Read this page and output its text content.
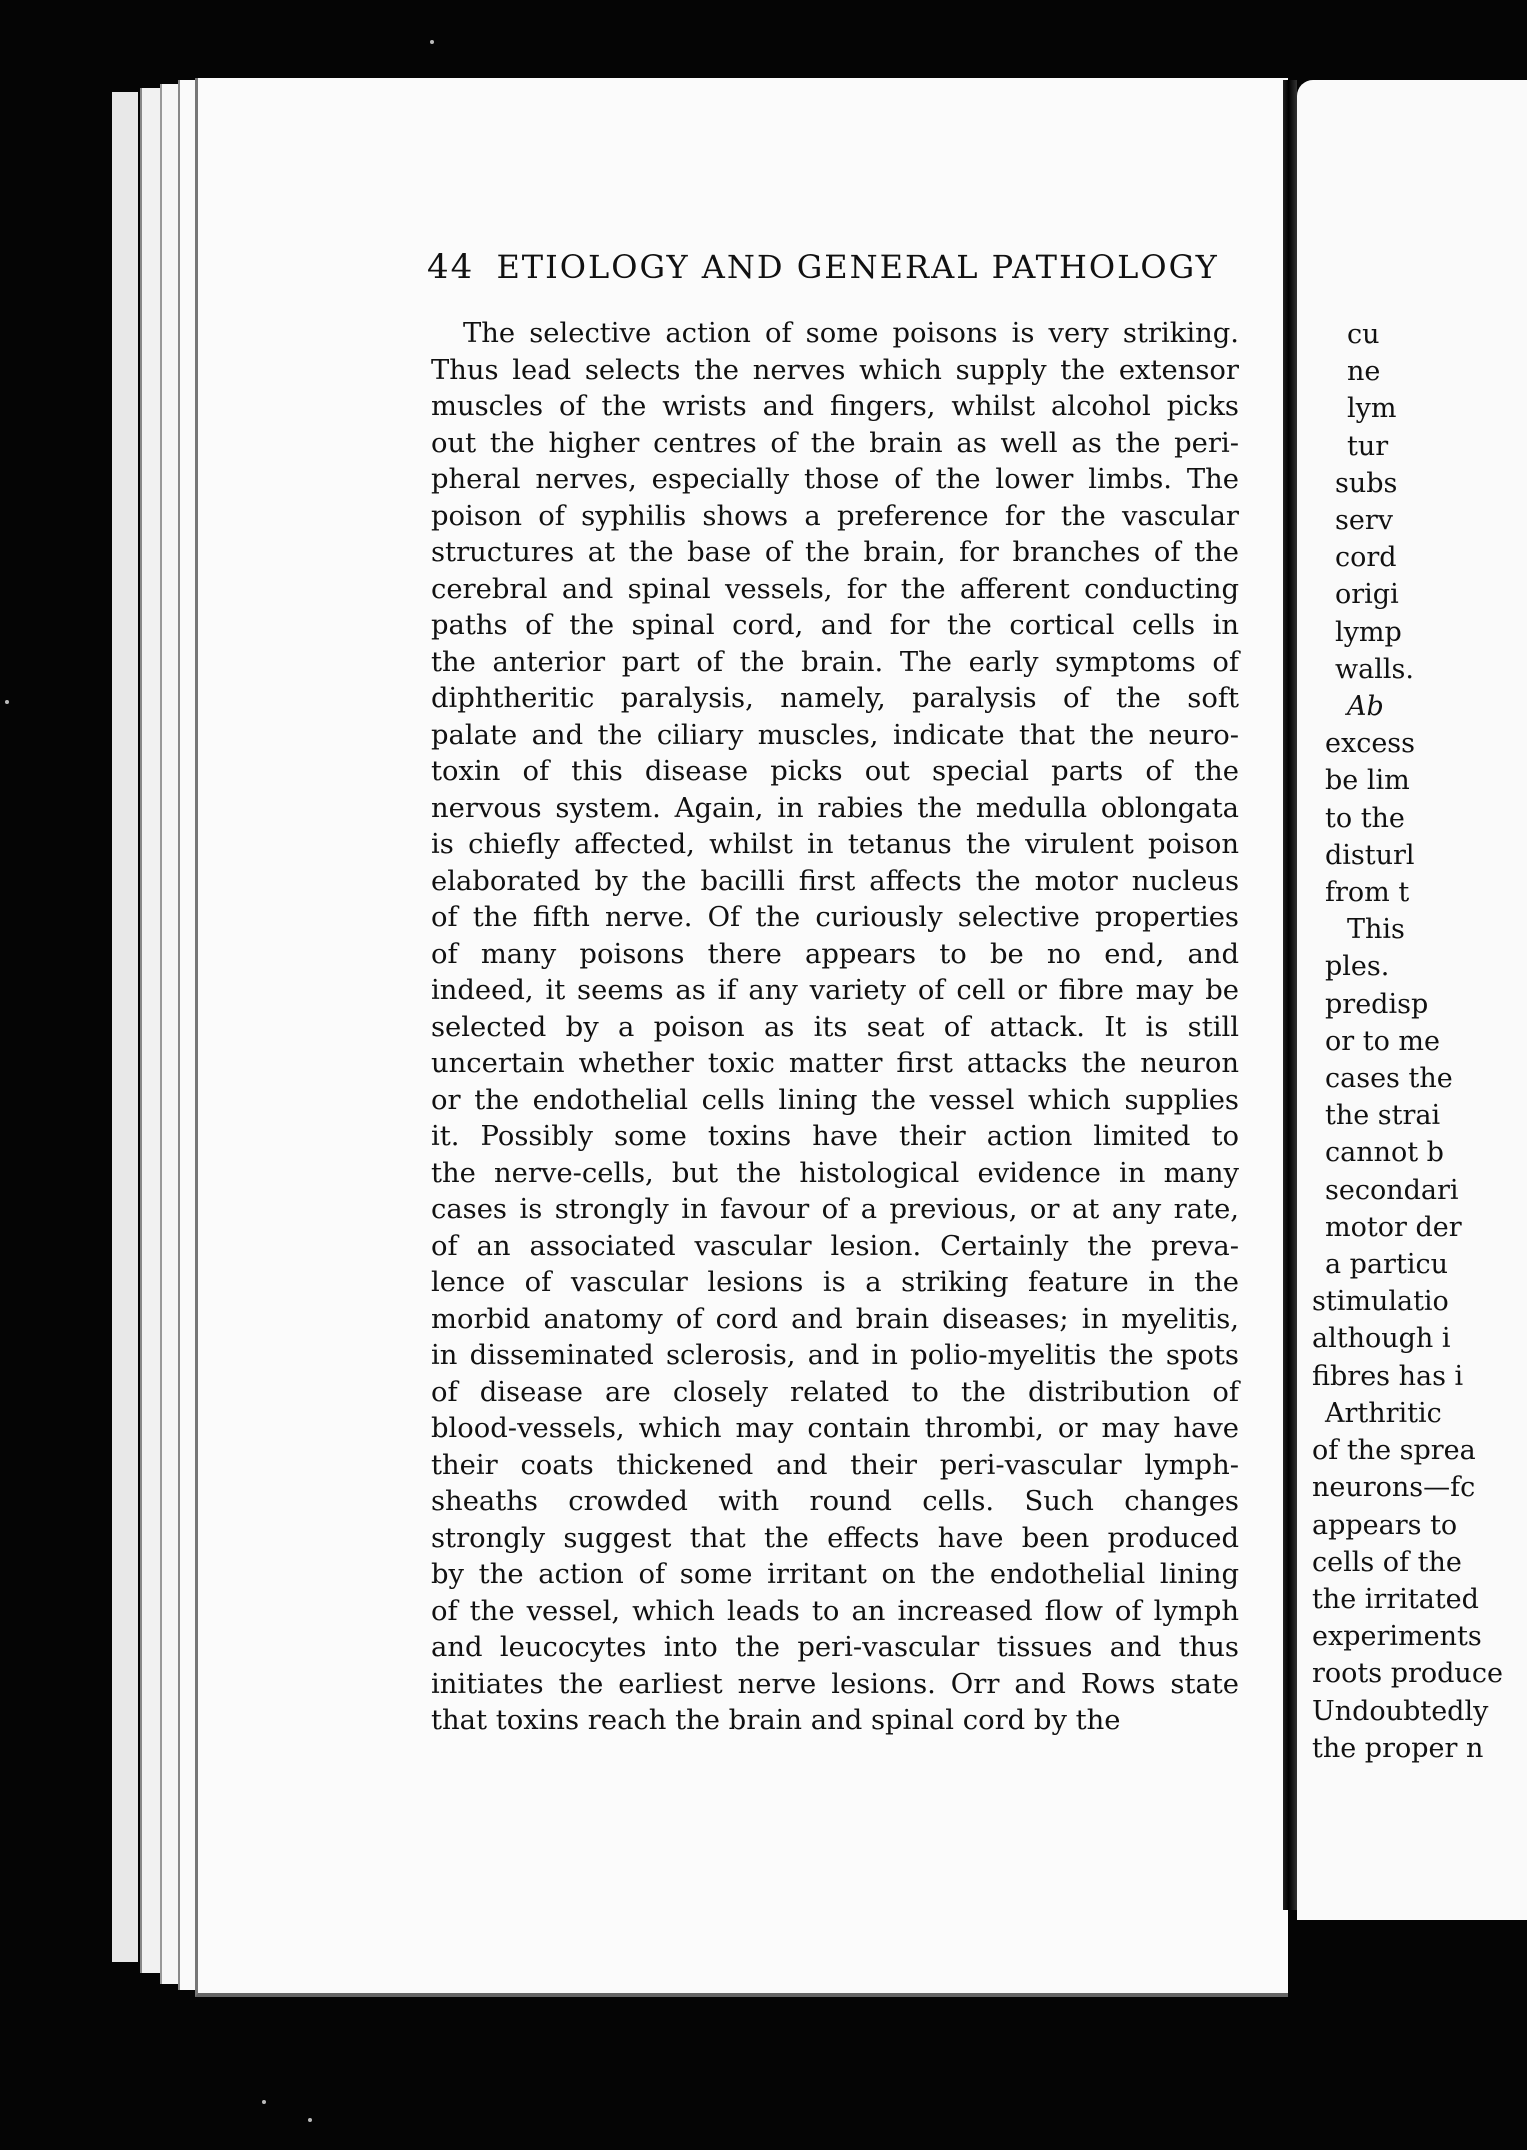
44 ETIOLOGY AND GENERAL PATHOLOGY
The selective action of some poisons is very striking.
Thus lead selects the nerves which supply the extensor
muscles of the wrists and fingers, whilst alcohol picks
out the higher centres of the brain as well as the peri-
pheral nerves, especially those of the lower limbs. The
poison of syphilis shows a preference for the vascular
structures at the base of the brain, for branches of the
cerebral and spinal vessels, for the afferent conducting
paths of the spinal cord, and for the cortical cells in
the anterior part of the brain. The early symptoms of
diphtheritic paralysis, namely, paralysis of the soft
palate and the ciliary muscles, indicate that the neuro-
toxin of this disease picks out special parts of the
nervous system. Again, in rabies the medulla oblongata
is chiefly affected, whilst in tetanus the virulent poison
elaborated by the bacilli first affects the motor nucleus
of the fifth nerve. Of the curiously selective properties
of many poisons there appears to be no end, and
indeed, it seems as if any variety of cell or fibre may be
selected by a poison as its seat of attack. It is still
uncertain whether toxic matter first attacks the neuron
or the endothelial cells lining the vessel which supplies
it. Possibly some toxins have their action limited to
the nerve-cells, but the histological evidence in many
cases is strongly in favour of a previous, or at any rate,
of an associated vascular lesion. Certainly the preva-
lence of vascular lesions is a striking feature in the
morbid anatomy of cord and brain diseases; in myelitis,
in disseminated sclerosis, and in polio-myelitis the spots
of disease are closely related to the distribution of
blood-vessels, which may contain thrombi, or may have
their coats thickened and their peri-vascular lymph-
sheaths crowded with round cells. Such changes
strongly suggest that the effects have been produced
by the action of some irritant on the endothelial lining
of the vessel, which leads to an increased flow of lymph
and leucocytes into the peri-vascular tissues and thus
initiates the earliest nerve lesions. Orr and Rows state
that toxins reach the brain and spinal cord by the
cu
ne
lym
tur
subs
serv
cord
origi
lymp
walls.
Ab
excess
be lim
to the
disturl
from t
This
ples.
predisp
or to me
cases the
the strai
cannot b
secondari
motor der
a particu
stimulatio
although i
fibres has i
Arthritic
of the sprea
neurons—fc
appears to
cells of the
the irritated
experiments
roots produce
Undoubtedly
the proper n
